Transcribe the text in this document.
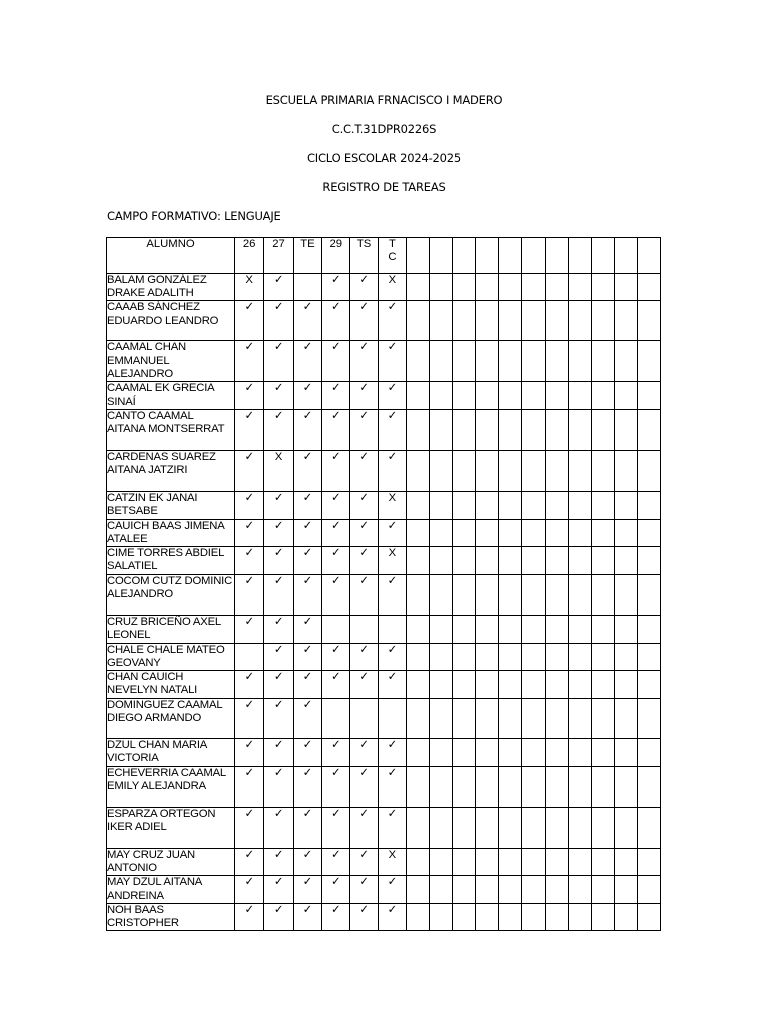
ESCUELA PRIMARIA FRNACISCO I MADERO
C.C.T.31DPR0226S
CICLO ESCOLAR 2024-2025
REGISTRO DE TAREAS
CAMPO FORMATIVO: LENGUAJE
ALUMNO	26	27	TE	29	TS	T C											
BALAM GONZÁLEZ DRAKE ADALITH	X	✓		✓	✓	X											
CAAAB SÁNCHEZ EDUARDO LEANDRO	✓	✓	✓	✓	✓	✓											
CAAMAL CHAN EMMANUEL ALEJANDRO	✓	✓	✓	✓	✓	✓											
CAAMAL EK GRECIA SINAÍ	✓	✓	✓	✓	✓	✓											
CANTO CAAMAL AITANA MONTSERRAT	✓	✓	✓	✓	✓	✓											
CARDENAS SUAREZ AITANA JATZIRI	✓	X	✓	✓	✓	✓											
CATZIN EK JANAI BETSABE	✓	✓	✓	✓	✓	X											
CAUICH BAAS JIMENA ATALEE	✓	✓	✓	✓	✓	✓											
CIME TORRES ABDIEL SALATIEL	✓	✓	✓	✓	✓	X											
COCOM CUTZ DOMINIC ALEJANDRO	✓	✓	✓	✓	✓	✓											
CRUZ BRICEÑO AXEL LEONEL	✓	✓	✓														
CHALE CHALE MATEO GEOVANY		✓	✓	✓	✓	✓											
CHAN CAUICH NEVELYN NATALI	✓	✓	✓	✓	✓	✓											
DOMINGUEZ CAAMAL DIEGO ARMANDO	✓	✓	✓														
DZUL CHAN MARIA VICTORIA	✓	✓	✓	✓	✓	✓											
ECHEVERRIA CAAMAL EMILY ALEJANDRA	✓	✓	✓	✓	✓	✓											
ESPARZA ORTEGON IKER ADIEL	✓	✓	✓	✓	✓	✓											
MAY CRUZ JUAN ANTONIO	✓	✓	✓	✓	✓	X											
MAY DZUL AITANA ANDREINA	✓	✓	✓	✓	✓	✓											
NOH BAAS CRISTOPHER	✓	✓	✓	✓	✓	✓											
